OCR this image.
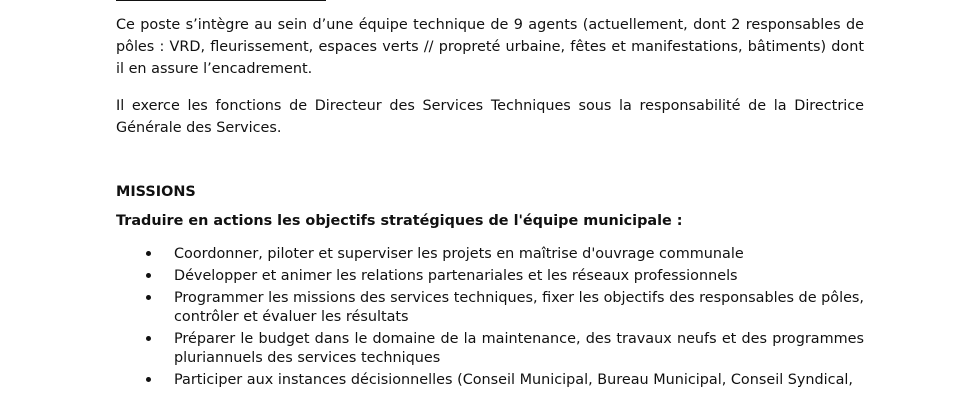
Ce poste s’intègre au sein d’une équipe technique de 9 agents (actuellement, dont 2 responsables de pôles : VRD, fleurissement, espaces verts // propreté urbaine, fêtes et manifestations, bâtiments) dont il en assure l’encadrement.

Il exerce les fonctions de Directeur des Services Techniques sous la responsabilité de la Directrice Générale des Services.

MISSIONS
Traduire en actions les objectifs stratégiques de l'équipe municipale :
Coordonner, piloter et superviser les projets en maîtrise d'ouvrage communale
Développer et animer les relations partenariales et les réseaux professionnels
Programmer les missions des services techniques, fixer les objectifs des responsables de pôles, contrôler et évaluer les résultats
Préparer le budget dans le domaine de la maintenance, des travaux neufs et des programmes pluriannuels des services techniques
Participer aux instances décisionnelles (Conseil Municipal, Bureau Municipal, Conseil Syndical,
